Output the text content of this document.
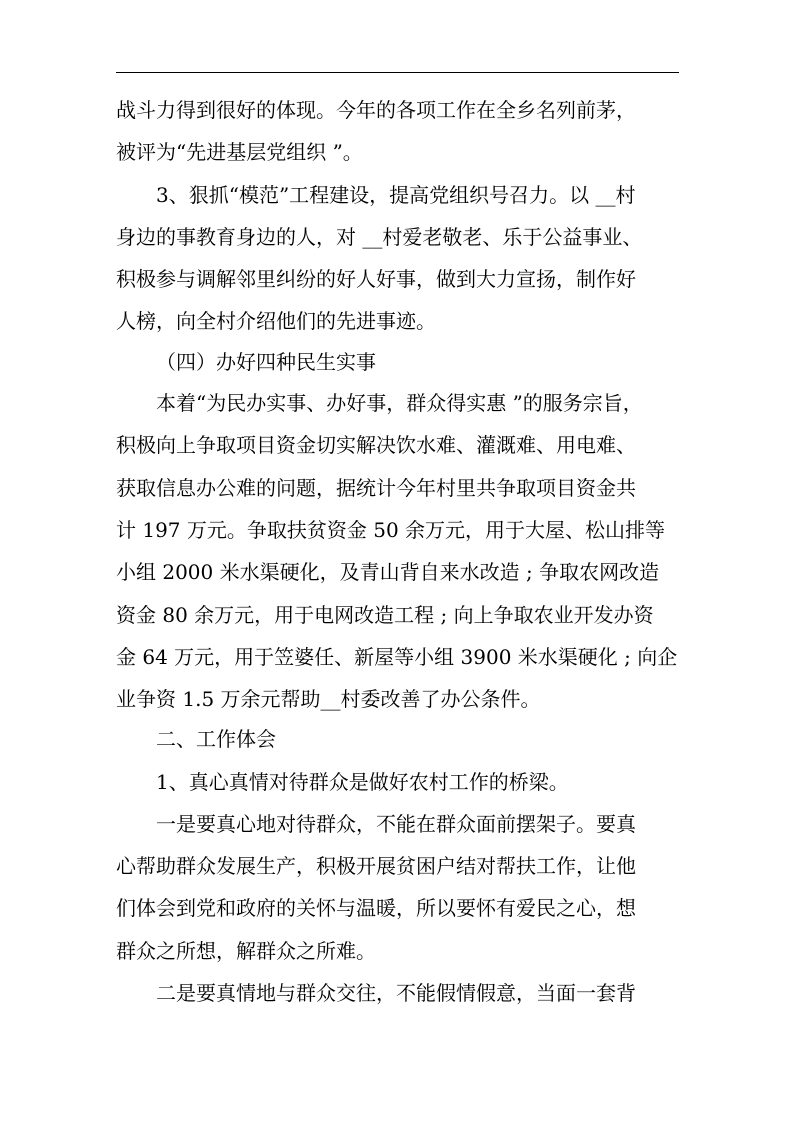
战斗力得到很好的体现。今年的各项工作在全乡名列前茅，
被评为“先进基层党组织 ”。
3、狠抓“模范”工程建设，提高党组织号召力。以 __村
身边的事教育身边的人，对 __村爱老敬老、乐于公益事业、
积极参与调解邻里纠纷的好人好事，做到大力宣扬，制作好
人榜，向全村介绍他们的先进事迹。
（四）办好四种民生实事
本着“为民办实事、办好事，群众得实惠 ”的服务宗旨，
积极向上争取项目资金切实解决饮水难、灌溉难、用电难、
获取信息办公难的问题，据统计今年村里共争取项目资金共
计 197 万元。争取扶贫资金 50 余万元，用于大屋、松山排等
小组 2000 米水渠硬化，及青山背自来水改造 ; 争取农网改造
资金 80 余万元，用于电网改造工程 ; 向上争取农业开发办资
金 64 万元，用于笠婆任、新屋等小组 3900 米水渠硬化 ; 向企
业争资 1.5 万余元帮助__村委改善了办公条件。
二、工作体会
1、真心真情对待群众是做好农村工作的桥梁。
一是要真心地对待群众，不能在群众面前摆架子。要真
心帮助群众发展生产，积极开展贫困户结对帮扶工作，让他
们体会到党和政府的关怀与温暖，所以要怀有爱民之心，想
群众之所想，解群众之所难。
二是要真情地与群众交往，不能假情假意，当面一套背
